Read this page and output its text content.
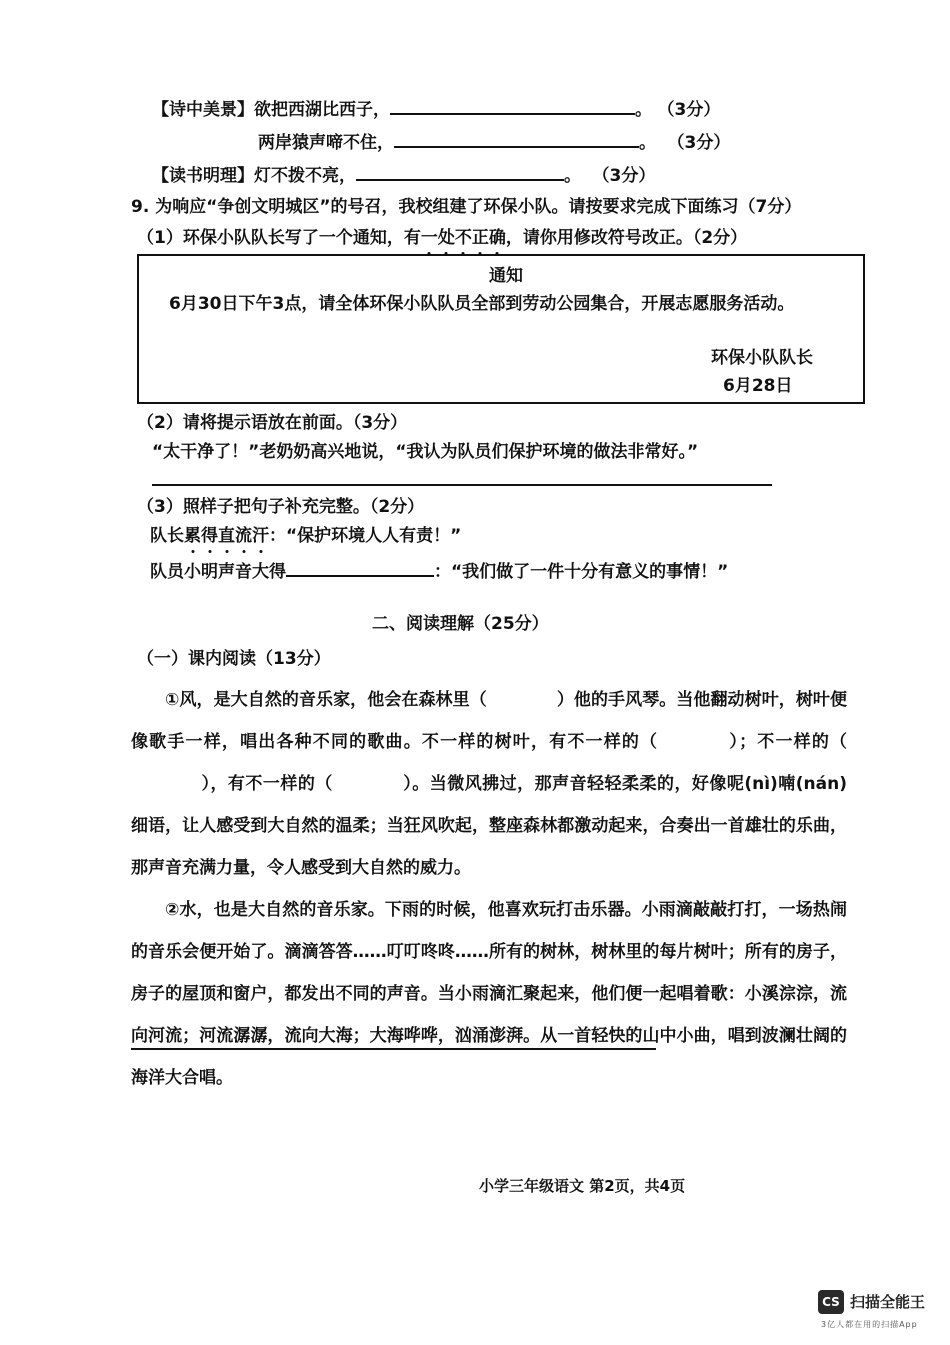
【诗中美景】欲把西湖比西子，	。 （3分）
两岸猿声啼不住，	。 （3分）
【读书明理】灯不拨不亮，	。 （3分）
9. 为响应“争创文明城区”的号召，我校组建了环保小队。请按要求完成下面练习（7分）
（1）环保小队队长写了一个通知，有一
处
不
正
确
，请你用修改符号改正。（2分）
通知
6月30日下午3点，请全体环保小队队员全部到劳动公园集合，开展志愿服务活动。
环保小队队长
6月28日
（2）请将提示语放在前面。（3分）
“太干净了！”老奶奶高兴地说，“我认为队员们保护环境的做法非常好。”
（3）照样子把句子补充完整。（2分）
队长累
得
直
流
汗
：“保护环境人人有责！”
队员小明声音大得	：“我们做了一件十分有意义的事情！”
二、阅读理解（25分）
（一）课内阅读（13分）
①风，是大自然的音乐家，他会在森林里（	）他的手风琴。当他翻动树叶，树叶便像歌手一样，唱出各种不同的歌曲。不一样的树叶，有不一样的（	）；不一样的（），有不一样的（	）。当微风拂过，那声音轻轻柔柔的，好像呢(nì)喃(nán)细语，让人感受到大自然的温柔；当狂风吹起，整座森林都激动起来，合奏出一首雄壮的乐曲，那声音充满力量，令人感受到大自然的威力。
②水，也是大自然的音乐家。下雨的时候，他喜欢玩打击乐器。小雨滴敲敲打打，一场热闹的音乐会便开始了。滴滴答答……叮叮咚咚……所有的树林，树林里的每片树叶；所有的房子，房子的屋顶和窗户，都发出不同的声音。当小雨滴汇聚起来，他们便一起唱着歌：小溪淙淙，流向河流；河流潺潺，流向大海；大海哗哗，汹涌澎湃。从一首轻快的山中小曲，唱到波澜壮阔的海洋大合唱。
小学三年级语文 第2页，共4页
CS 扫描全能王
3亿人都在用的扫描App
